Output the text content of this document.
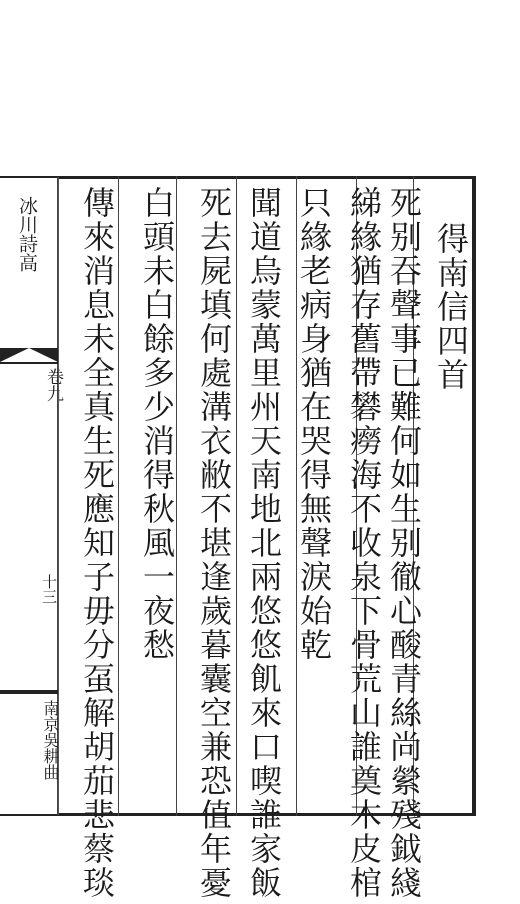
冰川詩高
卷九
十三
南京吳耕曲
得南信四首
死别吞聲事已難何如生别徹心酸青絲尚縈殘鉞綫
綈緣猶存舊帶礬癆海不收泉下骨荒山誰奠木皮棺
只緣老病身猶在哭得無聲淚始乾
聞道烏蒙萬里州天南地北兩悠悠飢來口喫誰家飯
死去屍填何處溝衣敝不堪逢歲暮囊空兼恐值年憂
白頭未白餘多少消得秋風一夜愁
傳來消息未全真生死應知子毋分虿解胡茄悲蔡琰
